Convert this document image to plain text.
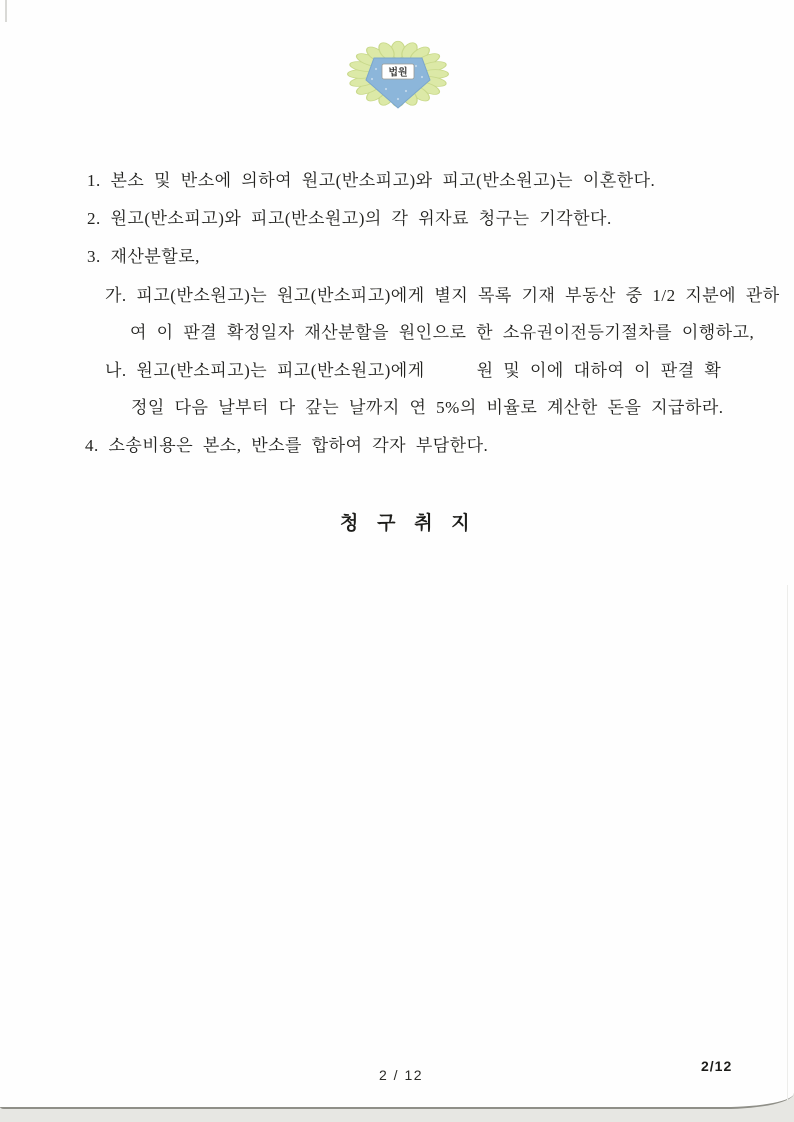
법원
1. 본소 및 반소에 의하여 원고(반소피고)와 피고(반소원고)는 이혼한다.
2. 원고(반소피고)와 피고(반소원고)의 각 위자료 청구는 기각한다.
3. 재산분할로,
가. 피고(반소원고)는 원고(반소피고)에게 별지 목록 기재 부동산 중 1/2 지분에 관하
여 이 판결 확정일자 재산분할을 원인으로 한 소유권이전등기절차를 이행하고,
나. 원고(반소피고)는 피고(반소원고)에게	원 및 이에 대하여 이 판결 확
정일 다음 날부터 다 갚는 날까지 연 5%의 비율로 계산한 돈을 지급하라.
4. 소송비용은 본소, 반소를 합하여 각자 부담한다.
청 구 취 지
2 / 12
2/12
